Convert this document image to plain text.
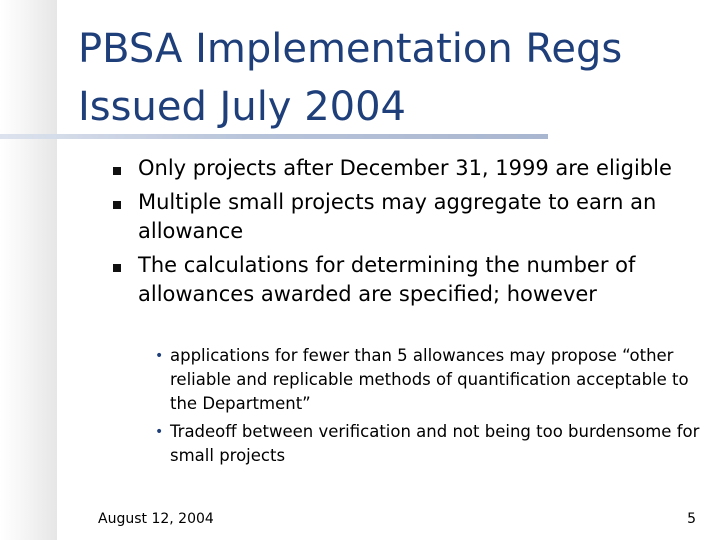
PBSA Implementation Regs Issued July 2004
Only projects after December 31, 1999 are eligible
Multiple small projects may aggregate to earn an allowance
The calculations for determining the number of allowances awarded are specified; however
• applications for fewer than 5 allowances may propose “other reliable and replicable methods of quantification acceptable to the Department”
• Tradeoff between verification and not being too burdensome for small projects
August 12, 2004	5
